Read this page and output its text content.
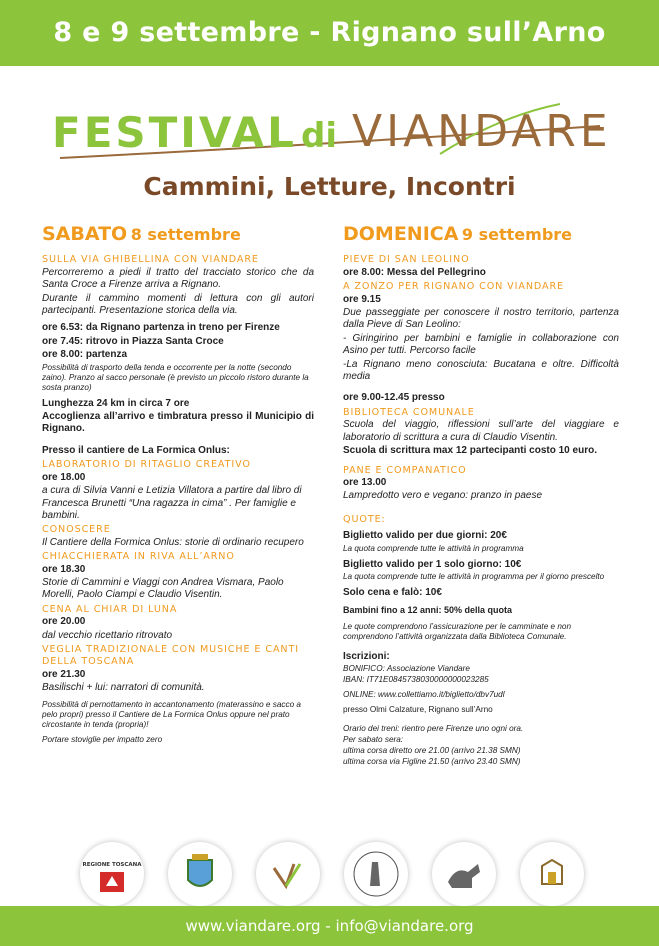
8 e 9 settembre - Rignano sull’Arno
FESTIVAL di VIANDARE
Cammini, Letture, Incontri
SABATO 8 settembre
SULLA VIA GHIBELLINA CON VIANDARE

Percorreremo a piedi il tratto del tracciato storico che da Santa Croce a Firenze arriva a Rignano.

Durante il cammino momenti di lettura con gli autori partecipanti. Presentazione storica della via.

ore 6.53: da Rignano partenza in treno per Firenze

ore 7.45: ritrovo in Piazza Santa Croce

ore 8.00: partenza

Possibilità di trasporto della tenda e occorrente per la notte (secondo zaino). Pranzo al sacco personale (è previsto un piccolo ristoro durante la sosta pranzo)

Lunghezza 24 km in circa 7 ore

Accoglienza all’arrivo e timbratura presso il Municipio di Rignano.

Presso il cantiere de La Formica Onlus:

LABORATORIO DI RITAGLIO CREATIVO

ore 18.00

a cura di Silvia Vanni e Letizia Villatora a partire dal libro di Francesca Brunetti “Una ragazza in cima” . Per famiglie e bambini.

CONOSCERE

Il Cantiere della Formica Onlus: storie di ordinario recupero

CHIACCHIERATA IN RIVA ALL’ARNO

ore 18.30

Storie di Cammini e Viaggi con Andrea Vismara, Paolo Morelli, Paolo Ciampi e Claudio Visentin.

CENA AL CHIAR DI LUNA

ore 20.00

dal vecchio ricettario ritrovato

VEGLIA TRADIZIONALE CON MUSICHE E CANTI DELLA TOSCANA

ore 21.30

Basilischi + lui: narratori di comunità.

Possibilità di pernottamento in accantonamento (materassino e sacco a pelo propri) presso il Cantiere de La Formica Onlus oppure nel prato circostante in tenda (propria)!

Portare stoviglie per impatto zero

DOMENICA 9 settembre
PIEVE DI SAN LEOLINO

ore 8.00: Messa del Pellegrino

A ZONZO PER RIGNANO CON VIANDARE

ore 9.15

Due passeggiate per conoscere il nostro territorio, partenza dalla Pieve di San Leolino:

- Giringirino per bambini e famiglie in collaborazione con Asino per tutti. Percorso facile

-La Rignano meno conosciuta: Bucatana e oltre. Difficoltà media

ore 9.00-12.45 presso

BIBLIOTECA COMUNALE

Scuola del viaggio, riflessioni sull’arte del viaggiare e laboratorio di scrittura a cura di Claudio Visentin.

Scuola di scrittura max 12 partecipanti costo 10 euro.

PANE E COMPANATICO

ore 13.00

Lampredotto vero e vegano: pranzo in paese

QUOTE:

Biglietto valido per due giorni: 20€

La quota comprende tutte le attività in programma

Biglietto valido per 1 solo giorno: 10€

La quota comprende tutte le attività in programma per il giorno prescelto

Solo cena e falò: 10€

Bambini fino a 12 anni: 50% della quota

Le quote comprendono l’assicurazione per le camminate e non comprendono l’attività organizzata dalla Biblioteca Comunale.

Iscrizioni:

BONIFICO: Associazione Viandare

IBAN: IT71E0845738030000000023285

ONLINE: www.collettiamo.it/biglietto/dbv7udl

presso Olmi Calzature, Rignano sull’Arno

Orario dei treni: rientro pere Firenze uno ogni ora.

Per sabato sera:

ultima corsa diretto ore 21.00 (arrivo 21.38 SMN)

ultima corsa via Figline 21.50 (arrivo 23.40 SMN)

REGIONE TOSCANA
www.viandare.org - info@viandare.org
